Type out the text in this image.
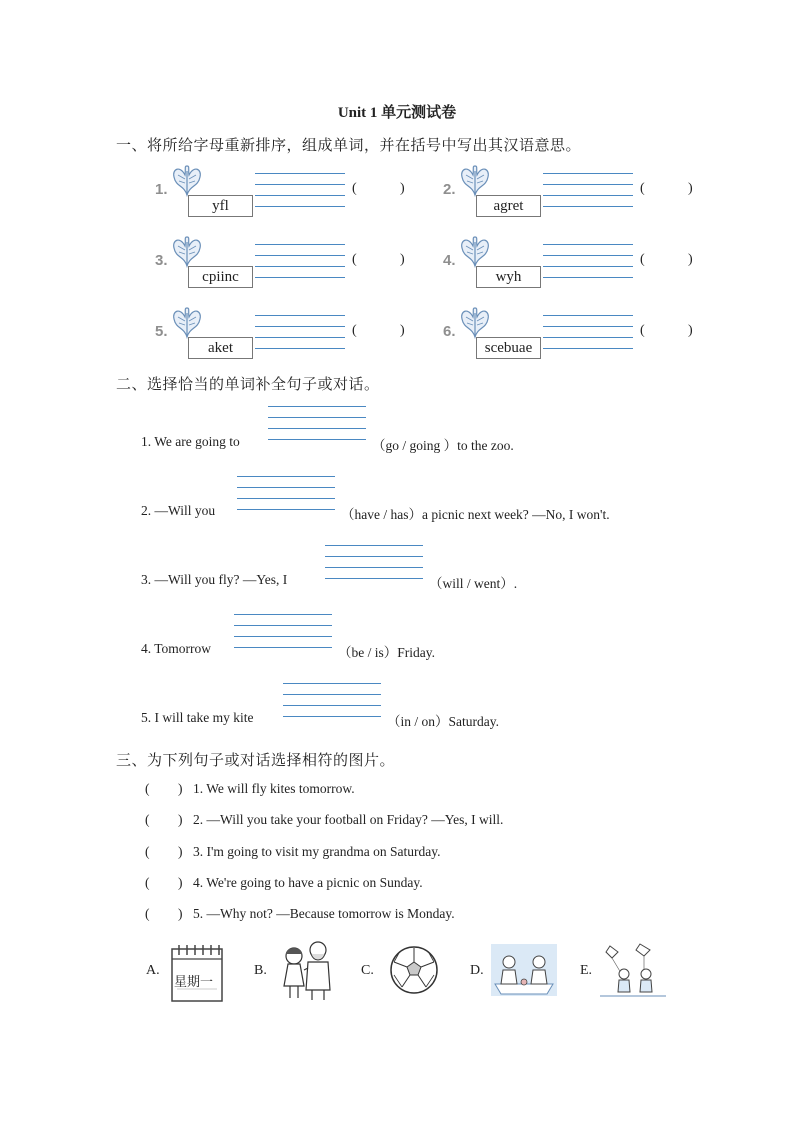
Unit 1 单元测试卷
一、将所给字母重新排序，组成单词，并在括号中写出其汉语意思。
1.
yfl
(	)	2.
agret
(	)
3.
cpiinc
(	)	4.
wyh
(	)
5.
aket
(	)	6.
scebuae
(	)
二、选择恰当的单词补全句子或对话。
1. We are going to	（go / going ）to the zoo.
2. —Will you	（have / has）a picnic next week? —No, I won't.
3. —Will you fly? —Yes, I	（will / went）.
4. Tomorrow	（be / is）Friday.
5. I will take my kite	（in / on）Saturday.
三、为下列句子或对话选择相符的图片。
( ) 1. We will fly kites tomorrow.
( ) 2. —Will you take your football on Friday? —Yes, I will.
( ) 3. I'm going to visit my grandma on Saturday.
( ) 4. We're going to have a picnic on Sunday.
( ) 5. —Why not? —Because tomorrow is Monday.
A.
星期一
B.	C.	D.	E.
